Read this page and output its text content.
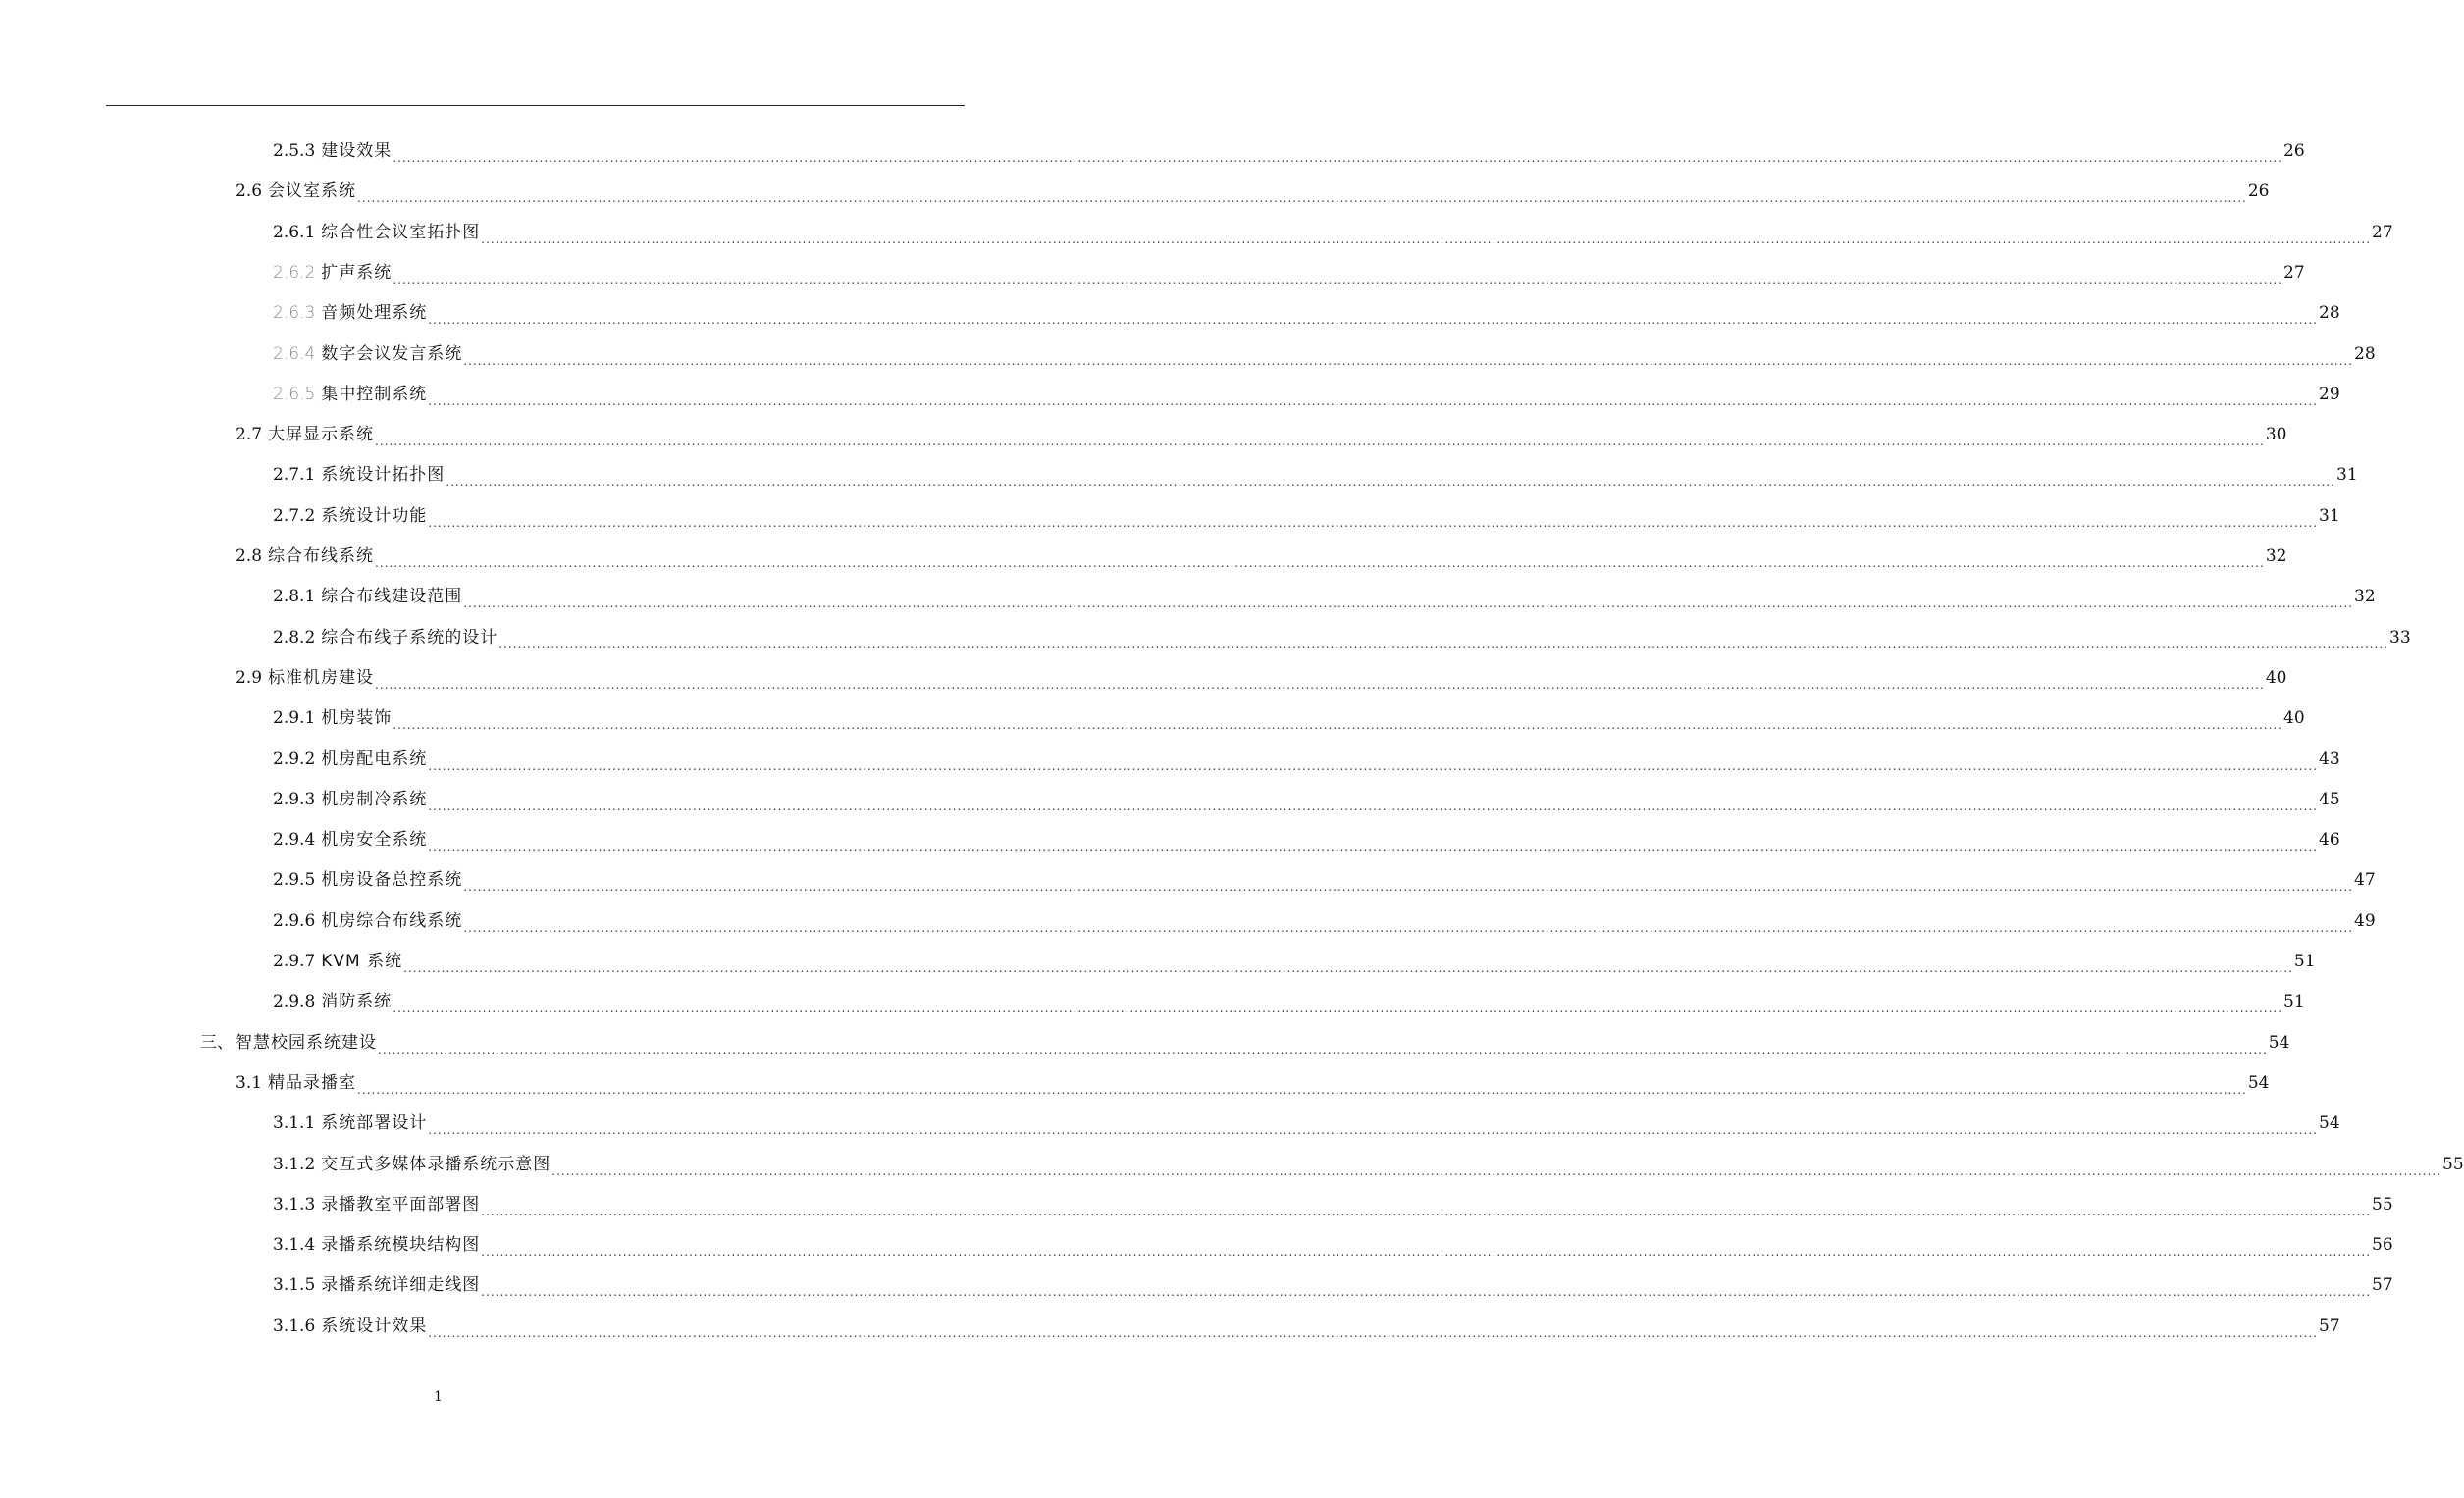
2.5.3 建设效果 ................................................................................................................................................................................................................................................................................................................................................................................................................ 26
2.6 会议室系统 ................................................................................................................................................................................................................................................................................................................................................................................................................ 26
2.6.1 综合性会议室拓扑图 ................................................................................................................................................................................................................................................................................................................................................................................................................ 27
2.6.2 扩声系统 ................................................................................................................................................................................................................................................................................................................................................................................................................ 27
2.6.3 音频处理系统 ................................................................................................................................................................................................................................................................................................................................................................................................................ 28
2.6.4 数字会议发言系统 ................................................................................................................................................................................................................................................................................................................................................................................................................ 28
2.6.5 集中控制系统 ................................................................................................................................................................................................................................................................................................................................................................................................................ 29
2.7 大屏显示系统 ................................................................................................................................................................................................................................................................................................................................................................................................................ 30
2.7.1 系统设计拓扑图 ................................................................................................................................................................................................................................................................................................................................................................................................................ 31
2.7.2 系统设计功能 ................................................................................................................................................................................................................................................................................................................................................................................................................ 31
2.8 综合布线系统 ................................................................................................................................................................................................................................................................................................................................................................................................................ 32
2.8.1 综合布线建设范围 ................................................................................................................................................................................................................................................................................................................................................................................................................ 32
2.8.2 综合布线子系统的设计 ................................................................................................................................................................................................................................................................................................................................................................................................................ 33
2.9 标准机房建设 ................................................................................................................................................................................................................................................................................................................................................................................................................ 40
2.9.1 机房装饰 ................................................................................................................................................................................................................................................................................................................................................................................................................ 40
2.9.2 机房配电系统 ................................................................................................................................................................................................................................................................................................................................................................................................................ 43
2.9.3 机房制冷系统 ................................................................................................................................................................................................................................................................................................................................................................................................................ 45
2.9.4 机房安全系统 ................................................................................................................................................................................................................................................................................................................................................................................................................ 46
2.9.5 机房设备总控系统 ................................................................................................................................................................................................................................................................................................................................................................................................................ 47
2.9.6 机房综合布线系统 ................................................................................................................................................................................................................................................................................................................................................................................................................ 49
2.9.7 KVM 系统 ................................................................................................................................................................................................................................................................................................................................................................................................................ 51
2.9.8 消防系统 ................................................................................................................................................................................................................................................................................................................................................................................................................ 51
三、 智慧校园系统建设 ................................................................................................................................................................................................................................................................................................................................................................................................................ 54
3.1 精品录播室 ................................................................................................................................................................................................................................................................................................................................................................................................................ 54
3.1.1 系统部署设计 ................................................................................................................................................................................................................................................................................................................................................................................................................ 54
3.1.2 交互式多媒体录播系统示意图 ................................................................................................................................................................................................................................................................................................................................................................................................................ 55
3.1.3 录播教室平面部署图 ................................................................................................................................................................................................................................................................................................................................................................................................................ 55
3.1.4 录播系统模块结构图 ................................................................................................................................................................................................................................................................................................................................................................................................................ 56
3.1.5 录播系统详细走线图 ................................................................................................................................................................................................................................................................................................................................................................................................................ 57
3.1.6 系统设计效果 ................................................................................................................................................................................................................................................................................................................................................................................................................ 57
1
